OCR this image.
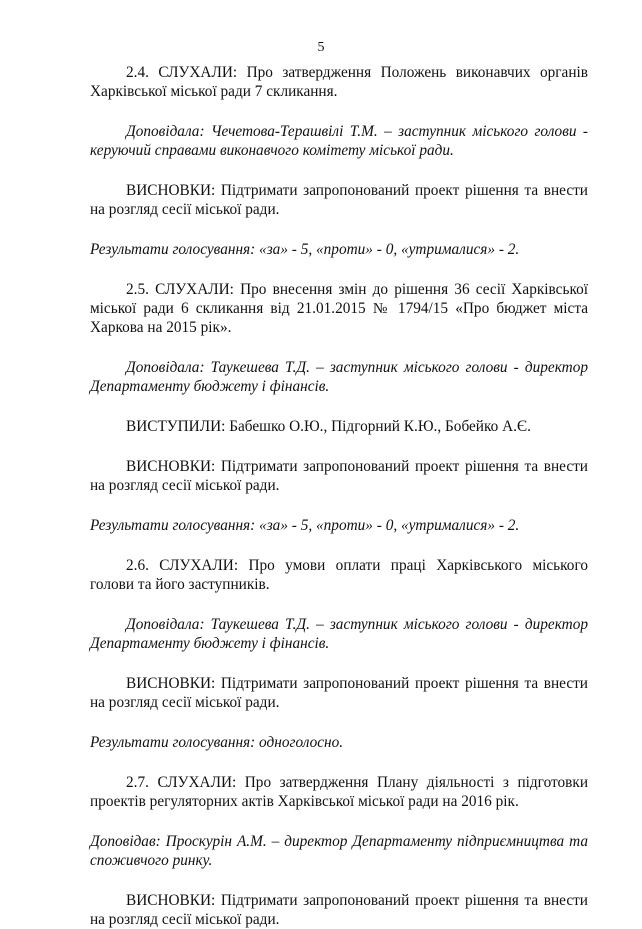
5

2.4. СЛУХАЛИ: Про затвердження Положень виконавчих органів Харківської міської ради 7 скликання.

Доповідала: Чечетова-Терашвілі Т.М. – заступник міського голови - керуючий справами виконавчого комітету міської ради.

ВИСНОВКИ: Підтримати запропонований проект рішення та внести на розгляд сесії міської ради.

Результати голосування: «за» - 5, «проти» - 0, «утрималися» - 2.

2.5. СЛУХАЛИ: Про внесення змін до рішення 36 сесії Харківської міської ради 6 скликання від 21.01.2015 № 1794/15 «Про бюджет міста Харкова на 2015 рік».

Доповідала: Таукешева Т.Д. – заступник міського голови - директор Департаменту бюджету і фінансів.

ВИСТУПИЛИ: Бабешко О.Ю., Підгорний К.Ю., Бобейко А.Є.

ВИСНОВКИ: Підтримати запропонований проект рішення та внести на розгляд сесії міської ради.

Результати голосування: «за» - 5, «проти» - 0, «утрималися» - 2.

2.6. СЛУХАЛИ: Про умови оплати праці Харківського міського голови та його заступників.

Доповідала: Таукешева Т.Д. – заступник міського голови - директор Департаменту бюджету і фінансів.

ВИСНОВКИ: Підтримати запропонований проект рішення та внести на розгляд сесії міської ради.

Результати голосування: одноголосно.

2.7. СЛУХАЛИ: Про затвердження Плану діяльності з підготовки проектів регуляторних актів Харківської міської ради на 2016 рік.

Доповідав: Проскурін А.М. – директор Департаменту підприємництва та споживчого ринку.

ВИСНОВКИ: Підтримати запропонований проект рішення та внести на розгляд сесії міської ради.
